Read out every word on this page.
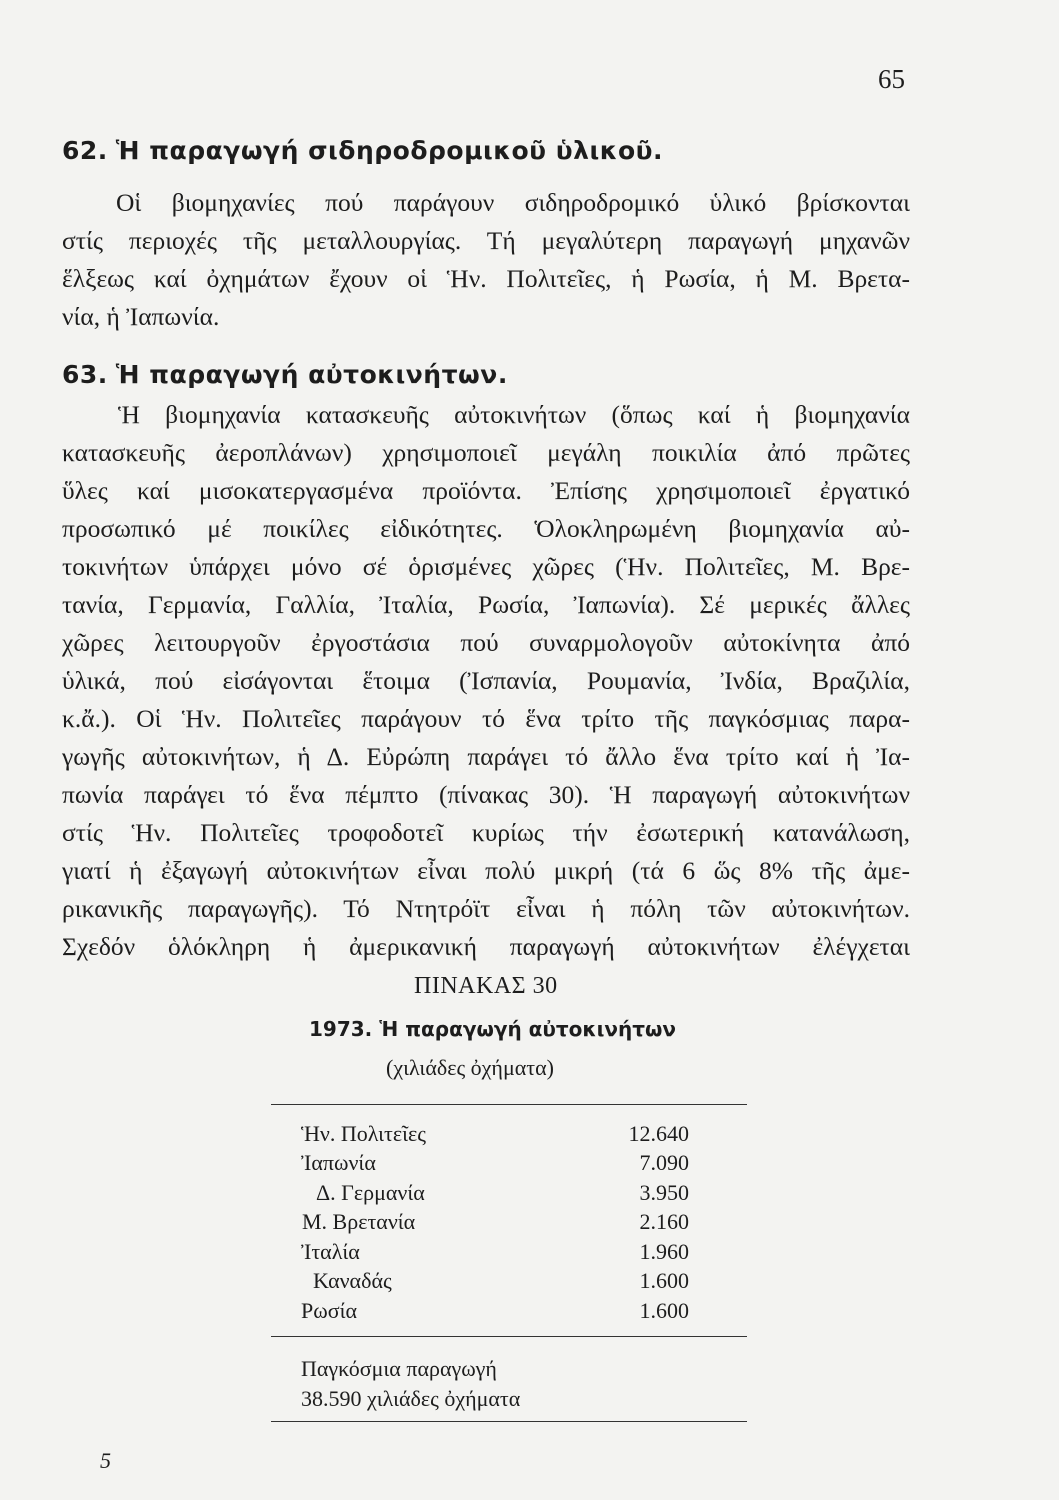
65
62. Ἡ παραγωγή σιδηροδρομικοῦ ὑλικοῦ.
Οἱ βιομηχανίες πού παράγουν σιδηροδρομικό ὑλικό βρίσκονται
στίς περιοχές τῆς μεταλλουργίας. Τή μεγαλύτερη παραγωγή μηχανῶν
ἕλξεως καί ὀχημάτων ἔχουν οἱ Ἡν. Πολιτεῖες, ἡ Ρωσία, ἡ Μ. Βρετα-
νία, ἡ Ἰαπωνία.
63. Ἡ παραγωγή αὐτοκινήτων.
Ἡ βιομηχανία κατασκευῆς αὐτοκινήτων (ὅπως καί ἡ βιομηχανία
κατασκευῆς ἀεροπλάνων) χρησιμοποιεῖ μεγάλη ποικιλία ἀπό πρῶτες
ὕλες καί μισοκατεργασμένα προϊόντα. Ἐπίσης χρησιμοποιεῖ ἐργατικό
προσωπικό μέ ποικίλες εἰδικότητες. Ὁλοκληρωμένη βιομηχανία αὐ-
τοκινήτων ὑπάρχει μόνο σέ ὁρισμένες χῶρες (Ἡν. Πολιτεῖες, Μ. Βρε-
τανία, Γερμανία, Γαλλία, Ἰταλία, Ρωσία, Ἰαπωνία). Σέ μερικές ἄλλες
χῶρες λειτουργοῦν ἐργοστάσια πού συναρμολογοῦν αὐτοκίνητα ἀπό
ὑλικά, πού εἰσάγονται ἕτοιμα (Ἰσπανία, Ρουμανία, Ἰνδία, Βραζιλία,
κ.ἄ.). Οἱ Ἡν. Πολιτεῖες παράγουν τό ἕνα τρίτο τῆς παγκόσμιας παρα-
γωγῆς αὐτοκινήτων, ἡ Δ. Εὐρώπη παράγει τό ἄλλο ἕνα τρίτο καί ἡ Ἰα-
πωνία παράγει τό ἕνα πέμπτο (πίνακας 30). Ἡ παραγωγή αὐτοκινήτων
στίς Ἡν. Πολιτεῖες τροφοδοτεῖ κυρίως τήν ἐσωτερική κατανάλωση,
γιατί ἡ ἐξαγωγή αὐτοκινήτων εἶναι πολύ μικρή (τά 6 ὥς 8% τῆς ἀμε-
ρικανικῆς παραγωγῆς). Τό Ντητρόϊτ εἶναι ἡ πόλη τῶν αὐτοκινήτων.
Σχεδόν ὁλόκληρη ἡ ἀμερικανική παραγωγή αὐτοκινήτων ἐλέγχεται
ΠΙΝΑΚΑΣ 30
1973. Ἡ παραγωγή αὐτοκινήτων
(χιλιάδες ὀχήματα)
Ἡν. Πολιτεῖες	12.640
Ἰαπωνία	7.090
Δ. Γερμανία	3.950
Μ. Βρετανία	2.160
Ἰταλία	1.960
Καναδάς	1.600
Ρωσία	1.600
Παγκόσμια παραγωγή
38.590 χιλιάδες ὀχήματα
5
